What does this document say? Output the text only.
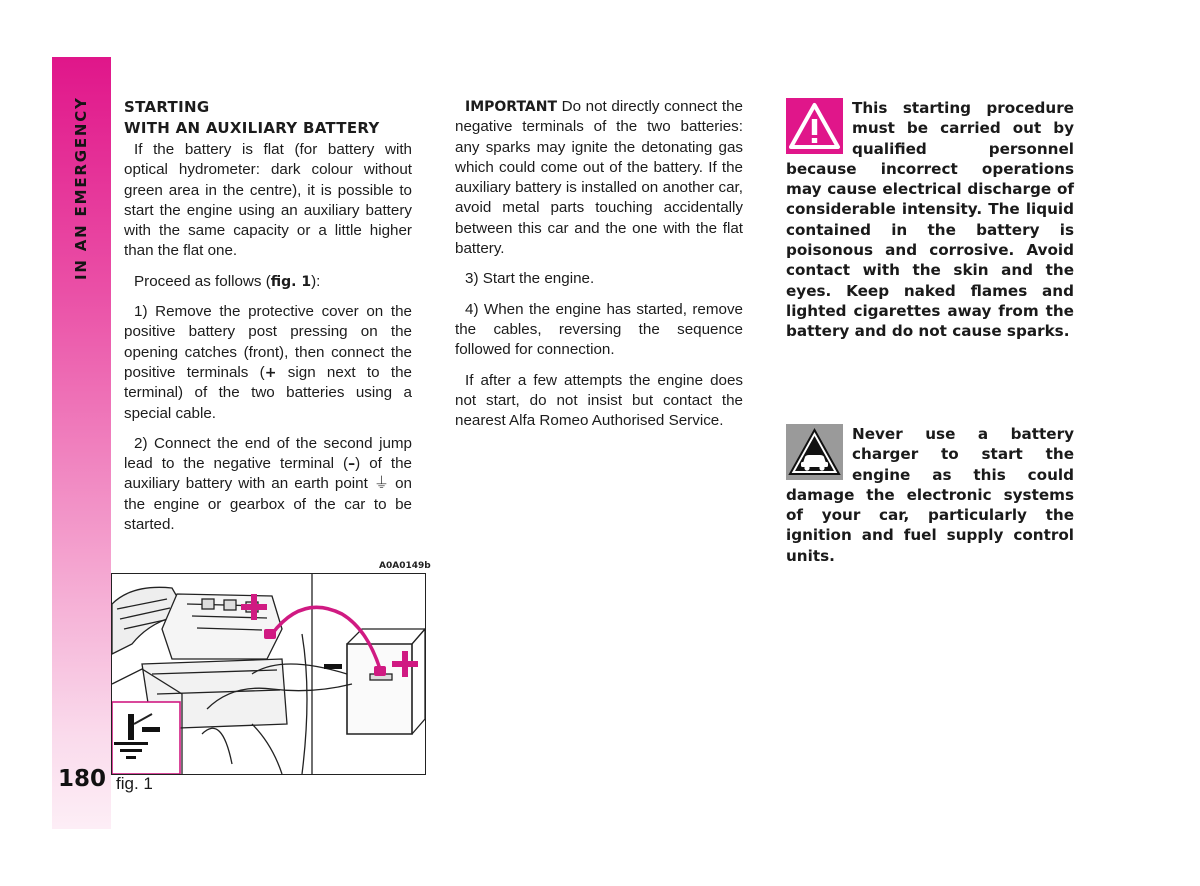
IN AN EMERGENCY
180
STARTING
WITH AN AUXILIARY BATTERY

If the battery is flat (for battery with optical hydrometer: dark colour without green area in the centre), it is possible to start the engine using an auxiliary battery with the same capacity or a little higher than the flat one.

Proceed as follows (fig. 1):

1) Remove the protective cover on the positive battery post pressing on the opening catches (front), then connect the positive terminals (+ sign next to the terminal) of the two batteries using a special cable.

2) Connect the end of the second jump lead to the negative terminal (–) of the auxiliary battery with an earth point ⏚ on the engine or gearbox of the car to be started.

IMPORTANT Do not directly connect the negative terminals of the two batteries: any sparks may ignite the detonating gas which could come out of the battery. If the auxiliary battery is installed on another car, avoid metal parts touching accidentally between this car and the one with the flat battery.

3) Start the engine.

4) When the engine has started, remove the cables, reversing the sequence followed for connection.

If after a few attempts the engine does not start, do not insist but contact the nearest Alfa Romeo Authorised Service.

This starting procedure must be carried out by qualified personnel because incorrect operations may cause electrical discharge of considerable intensity. The liquid contained in the battery is poisonous and corrosive. Avoid contact with the skin and the eyes. Keep naked flames and lighted cigarettes away from the battery and do not cause sparks.
Never use a battery charger to start the engine as this could damage the electronic systems of your car, particularly the ignition and fuel supply control units.
A0A0149b
fig. 1
